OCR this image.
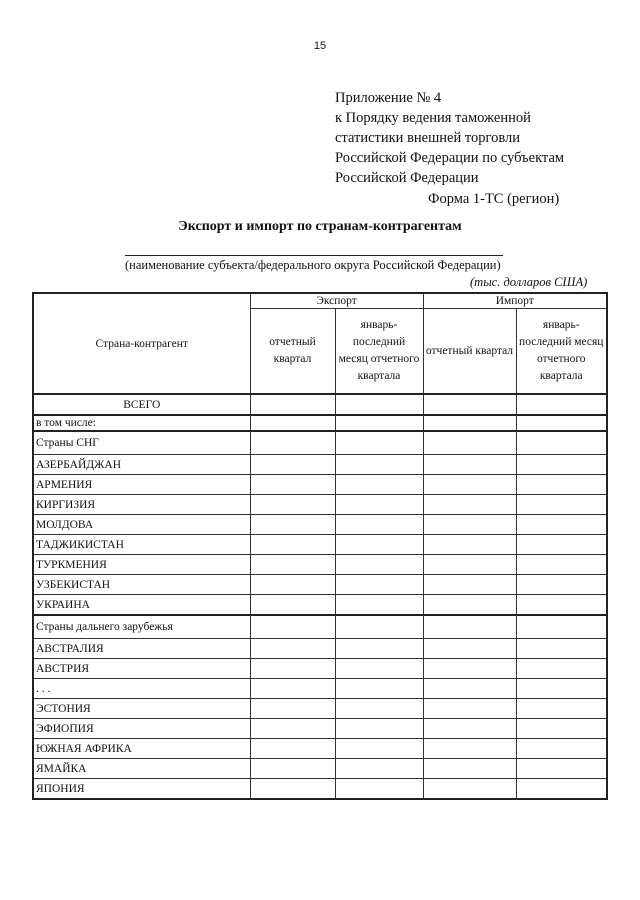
15
Приложение № 4
к Порядку ведения таможенной
статистики внешней торговли
Российской Федерации по субъектам
Российской Федерации
Форма 1-ТС (регион)
Экспорт и импорт по странам-контрагентам
(наименование субъекта/федерального округа Российской Федерации)
(тыс. долларов США)
Страна-контрагент	Экспорт		Импорт	
	отчетный квартал	январь-последний месяц отчетного квартала	отчетный квартал	январь-последний месяц отчетного квартала
ВСЕГО				
в том числе:				
Страны СНГ				
АЗЕРБАЙДЖАН				
АРМЕНИЯ				
КИРГИЗИЯ				
МОЛДОВА				
ТАДЖИКИСТАН				
ТУРКМЕНИЯ				
УЗБЕКИСТАН				
УКРАИНА				
Страны дальнего зарубежья				
АВСТРАЛИЯ				
АВСТРИЯ				
. . .				
ЭСТОНИЯ				
ЭФИОПИЯ				
ЮЖНАЯ АФРИКА				
ЯМАЙКА				
ЯПОНИЯ				
